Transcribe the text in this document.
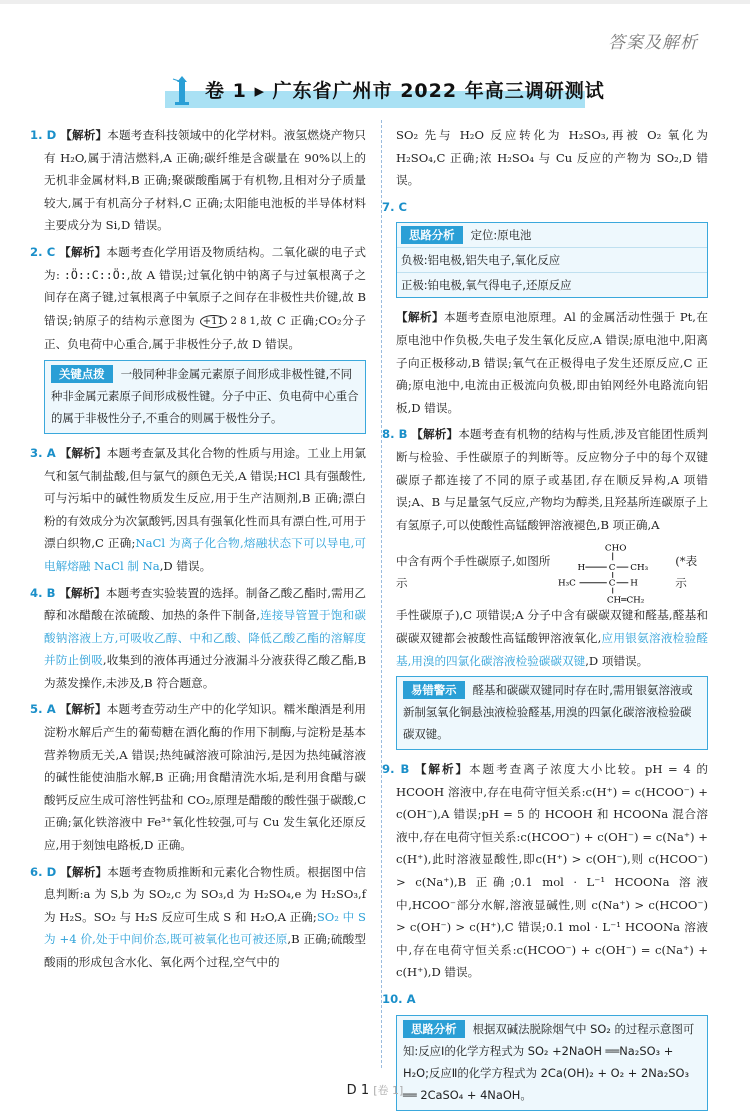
答案及解析
卷 1 ▸ 广东省广州市 2022 年高三调研测试

1. D 【解析】本题考查科技领域中的化学材料。液氢燃烧产物只有 H₂O,属于清洁燃料,A 正确;碳纤维是含碳量在 90%以上的无机非金属材料,B 正确;聚碳酸酯属于有机物,且相对分子质量较大,属于有机高分子材料,C 正确;太阳能电池板的半导体材料主要成分为 Si,D 错误。

2. C 【解析】本题考查化学用语及物质结构。二氧化碳的电子式为: :Ö::C::Ö:,故 A 错误;过氧化钠中钠离子与过氧根离子之间存在离子键,过氧根离子中氧原子之间存在非极性共价键,故 B 错误;钠原子的结构示意图为 +11 2 8 1,故 C 正确;CO₂分子正、负电荷中心重合,属于非极性分子,故 D 错误。

关键点拨 一般同种非金属元素原子间形成非极性键,不同种非金属元素原子间形成极性键。分子中正、负电荷中心重合的属于非极性分子,不重合的则属于极性分子。

3. A 【解析】本题考查氯及其化合物的性质与用途。工业上用氯气和氢气制盐酸,但与氯气的颜色无关,A 错误;HCl 具有强酸性,可与污垢中的碱性物质发生反应,用于生产洁厕剂,B 正确;漂白粉的有效成分为次氯酸钙,因具有强氧化性而具有漂白性,可用于漂白织物,C 正确;NaCl 为离子化合物,熔融状态下可以导电,可电解熔融 NaCl 制 Na,D 错误。

4. B 【解析】本题考查实验装置的选择。制备乙酸乙酯时,需用乙醇和冰醋酸在浓硫酸、加热的条件下制备,连接导管置于饱和碳酸钠溶液上方,可吸收乙醇、中和乙酸、降低乙酸乙酯的溶解度并防止倒吸,收集到的液体再通过分液漏斗分液获得乙酸乙酯,B 为蒸发操作,未涉及,B 符合题意。

5. A 【解析】本题考查劳动生产中的化学知识。糯米酿酒是利用淀粉水解后产生的葡萄糖在酒化酶的作用下制酶,与淀粉是基本营养物质无关,A 错误;热纯碱溶液可除油污,是因为热纯碱溶液的碱性能使油脂水解,B 正确;用食醋清洗水垢,是利用食醋与碳酸钙反应生成可溶性钙盐和 CO₂,原理是醋酸的酸性强于碳酸,C 正确;氯化铁溶液中 Fe³⁺氧化性较强,可与 Cu 发生氧化还原反应,用于刻蚀电路板,D 正确。

6. D 【解析】本题考查物质推断和元素化合物性质。根据图中信息判断:a 为 S,b 为 SO₂,c 为 SO₃,d 为 H₂SO₄,e 为 H₂SO₃,f 为 H₂S。SO₂ 与 H₂S 反应可生成 S 和 H₂O,A 正确;SO₂ 中 S 为 +4 价,处于中间价态,既可被氧化也可被还原,B 正确;硫酸型酸雨的形成包含水化、氧化两个过程,空气中的

SO₂ 先与 H₂O 反应转化为 H₂SO₃,再被 O₂ 氧化为 H₂SO₄,C 正确;浓 H₂SO₄ 与 Cu 反应的产物为 SO₂,D 错误。

7. C

思路分析 定位:原电池
负极:铝电极,铝失电子,氧化反应
正极:铂电极,氧气得电子,还原反应

【解析】本题考查原电池原理。Al 的金属活动性强于 Pt,在原电池中作负极,失电子发生氧化反应,A 错误;原电池中,阳离子向正极移动,B 错误;氧气在正极得电子发生还原反应,C 正确;原电池中,电流由正极流向负极,即由铂网经外电路流向铝板,D 错误。

8. B 【解析】本题考查有机物的结构与性质,涉及官能团性质判断与检验、手性碳原子的判断等。反应物分子中的每个双键碳原子都连接了不同的原子或基团,存在顺反异构,A 项错误;A、B 与足量氢气反应,产物均为醇类,且羟基所连碳原子上有氢原子,可以使酸性高锰酸钾溶液褪色,B 项正确,A

中含有两个手性碳原子,如图所示
CHO
H	C CH₃
H₃C	C H
CH═CH₂
(*表示

手性碳原子),C 项错误;A 分子中含有碳碳双键和醛基,醛基和碳碳双键都会被酸性高锰酸钾溶液氧化,应用银氨溶液检验醛基,用溴的四氯化碳溶液检验碳碳双键,D 项错误。

易错警示 醛基和碳碳双键同时存在时,需用银氨溶液或新制氢氧化铜悬浊液检验醛基,用溴的四氯化碳溶液检验碳碳双键。

9. B 【解析】本题考查离子浓度大小比较。pH = 4 的 HCOOH 溶液中,存在电荷守恒关系:c(H⁺) = c(HCOO⁻) + c(OH⁻),A 错误;pH = 5 的 HCOOH 和 HCOONa 混合溶液中,存在电荷守恒关系:c(HCOO⁻) + c(OH⁻) = c(Na⁺) + c(H⁺),此时溶液显酸性,即c(H⁺) > c(OH⁻),则 c(HCOO⁻) > c(Na⁺),B 正确;0.1 mol · L⁻¹ HCOONa 溶液中,HCOO⁻部分水解,溶液显碱性,则 c(Na⁺) > c(HCOO⁻) > c(OH⁻) > c(H⁺),C 错误;0.1 mol · L⁻¹ HCOONa 溶液中,存在电荷守恒关系:c(HCOO⁻) + c(OH⁻) = c(Na⁺) + c(H⁺),D 错误。

10. A

思路分析 根据双碱法脱除烟气中 SO₂ 的过程示意图可知:反应Ⅰ的化学方程式为 SO₂ +2NaOH ══Na₂SO₃ + H₂O;反应Ⅱ的化学方程式为 2Ca(OH)₂ + O₂ + 2Na₂SO₃ ══ 2CaSO₄ + 4NaOH。
D 1 [卷 1]
